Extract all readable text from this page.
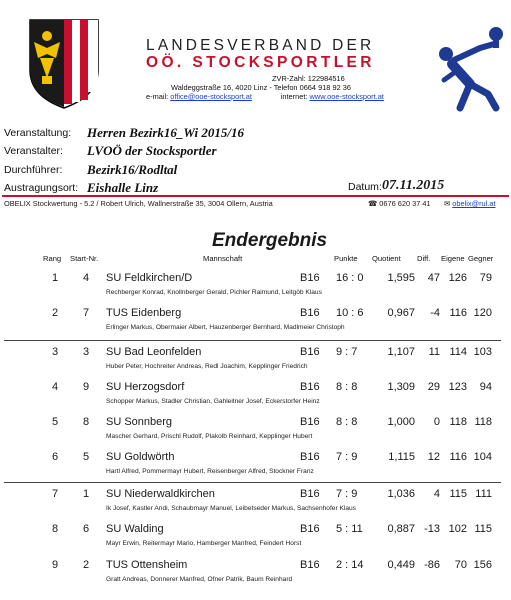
LANDESVERBAND DER
OÖ. STOCKSPORTLER
ZVR-Zahl: 122984516
Waldeggstraße 16, 4020 Linz - Telefon 0664 918 92 36
e-mail: office@ooe-stocksport.at	internet: www.ooe-stocksport.at
Veranstaltung: Herren Bezirk16_Wi 2015/16
Veranstalter: LVOÖ der Stocksportler
Durchführer: Bezirk16/Rodltal
Austragungsort: Eishalle Linz	Datum: 07.11.2015
OBELIX Stockwertung - 5.2 / Robert Ulrich, Wallnerstraße 35, 3004 Ollern, Austria	☎ 0676 620 37 41 ✉ obelix@rul.at
Endergebnis
Rang Start-Nr.	Mannschaft	Punkte Quotient Diff. Eigene Gegner
1 4 SU Feldkirchen/D	B16 16 : 0	1,595	47 126	79
Rechberger Konrad, Knollnberger Gerald, Pichler Raimund, Leitgöb Klaus
2 7 TUS Eidenberg	B16 10 : 6	0,967	-4 116 120
Erlinger Markus, Obermaier Albert, Hauzenberger Bernhard, Madlmeier Christoph
3 3 SU Bad Leonfelden	B16 9 : 7	1,107	11 114 103
Huber Peter, Hochreiter Andreas, Redl Joachim, Kepplinger Friedrich
4 9 SU Herzogsdorf	B16 8 : 8	1,309	29 123	94
Schopper Markus, Stadler Christian, Gahleitner Josef, Eckerstorfer Heinz
5 8 SU Sonnberg	B16 8 : 8	1,000	0 118 118
Mascher Gerhard, Prischl Rudolf, Plakolb Reinhard, Kepplinger Hubert
6 5 SU Goldwörth	B16 7 : 9	1,115	12 116 104
Hartl Alfred, Pommermayr Hubert, Reisenberger Alfred, Stockner Franz
7 1 SU Niederwaldkirchen	B16 7 : 9	1,036	4 115 111
Ik Josef, Kastler Andi, Schaubmayr Manuel, Leibetseder Markus, Sachsenhofer Klaus
8 6 SU Walding	B16 5 : 11	0,887 -13 102 115
Mayr Erwin, Reitermayr Mario, Hamberger Manfred, Feindert Horst
9 2 TUS Ottensheim	B16 2 : 14	0,449 -86	70 156
Gratt Andreas, Donnerer Manfred, Ofner Patrik, Baum Reinhard
